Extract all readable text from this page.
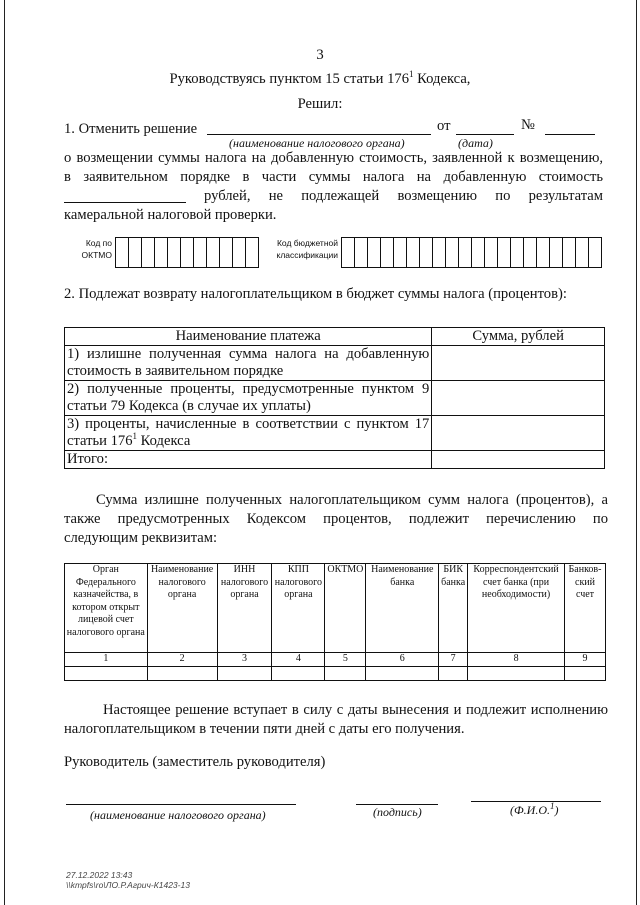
3
Руководствуясь пунктом 15 статьи $176^1$ Кодекса,
Решил:
1. Отменить решение	от	№
(наименование налогового органа)	(дата)
о возмещении суммы налога на добавленную стоимость, заявленной к возмещению,
в заявительном порядке в части суммы налога на добавленную стоимость
рублей, не подлежащей возмещению по результатам
камеральной налоговой проверки.
Код по ОКТМО
Код бюджетной классификации
2. Подлежат возврату налогоплательщиком в бюджет суммы налога (процентов):
Наименование платежа	Сумма, рублей

1) излишне полученная сумма налога на добавленную
стоимость в заявительном порядке	

2) полученные проценты, предусмотренные пунктом 9
статьи 79 Кодекса (в случае их уплаты)	

3) проценты, начисленные в соответствии с пунктом 17
статьи $176^1$ Кодекса	

Итого:	
Сумма излишне полученных налогоплательщиком сумм налога (процентов), а
также предусмотренных Кодексом процентов, подлежит перечислению по
следующим реквизитам:
Орган Федерального казначейства, в котором открыт лицевой счет налогового органа	Наименование налогового органа	ИНН налогового органа	КПП налогового органа	ОКТМО	Наименование банка	БИК банка	Корреспондентский счет банка (при необходимости)	Банков-ский счет
1	2	3	4	5	6	7	8	9

Настоящее решение вступает в силу с даты вынесения и подлежит исполнению
налогоплательщиком в течении пяти дней с даты его получения.
Руководитель (заместитель руководителя)
(наименование налогового органа)	(подпись)	(Ф.И.О.$^1$)
27.12.2022 13:43
\\kmpfs\ro\ЛО.Р.Агрич-К1423-13
